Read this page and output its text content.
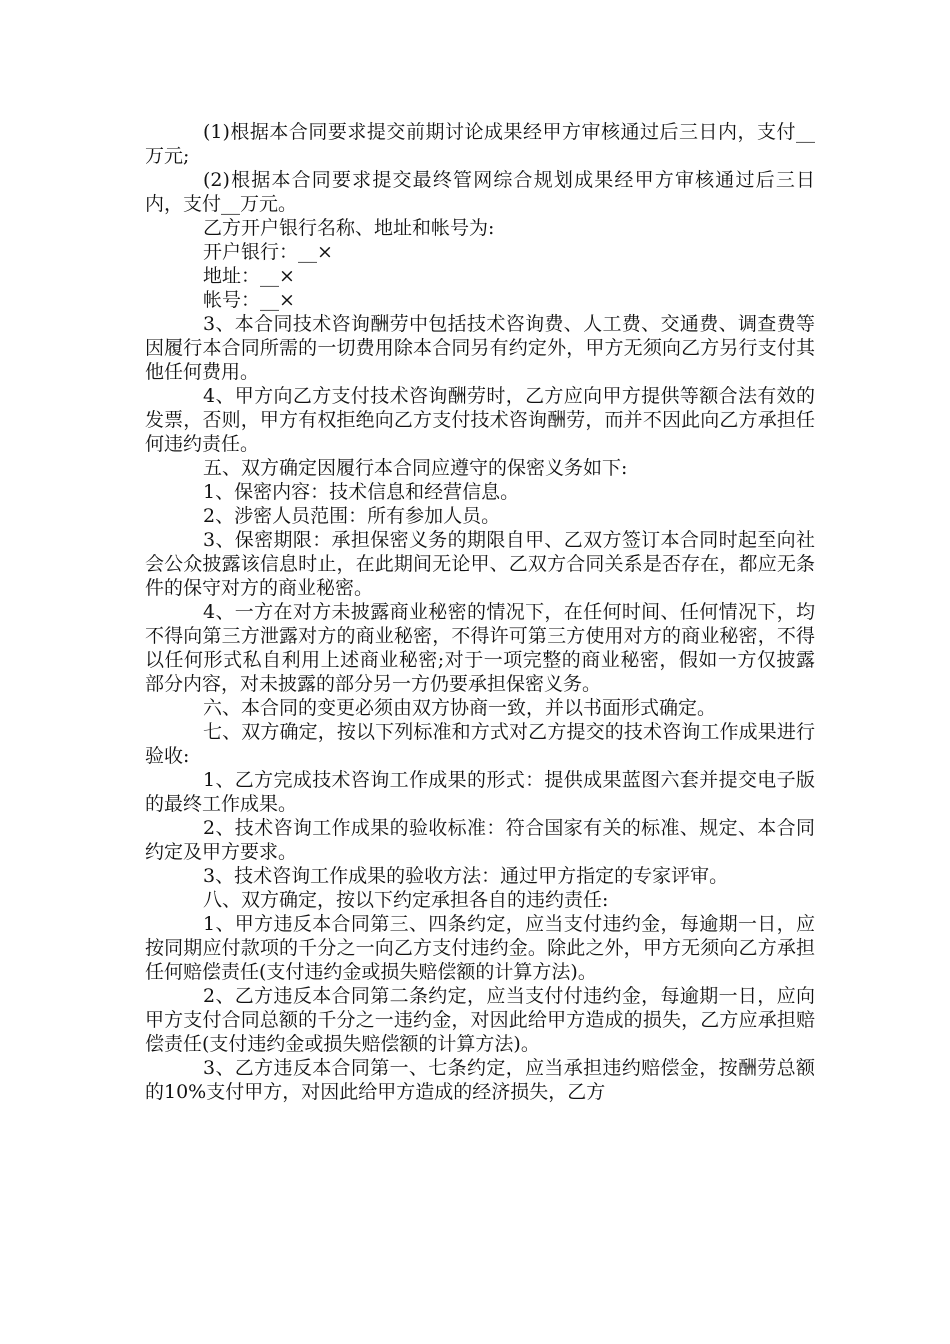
(1)根据本合同要求提交前期讨论成果经甲方审核通过后三日内，支付__万元;

(2)根据本合同要求提交最终管网综合规划成果经甲方审核通过后三日内，支付__万元。

乙方开户银行名称、地址和帐号为:

开户银行：__×

地址：__×

帐号：__×

3、本合同技术咨询酬劳中包括技术咨询费、人工费、交通费、调查费等因履行本合同所需的一切费用除本合同另有约定外，甲方无须向乙方另行支付其他任何费用。

4、甲方向乙方支付技术咨询酬劳时，乙方应向甲方提供等额合法有效的发票，否则，甲方有权拒绝向乙方支付技术咨询酬劳，而并不因此向乙方承担任何违约责任。

五、双方确定因履行本合同应遵守的保密义务如下:

1、保密内容：技术信息和经营信息。

2、涉密人员范围：所有参加人员。

3、保密期限：承担保密义务的期限自甲、乙双方签订本合同时起至向社会公众披露该信息时止，在此期间无论甲、乙双方合同关系是否存在，都应无条件的保守对方的商业秘密。

4、一方在对方未披露商业秘密的情况下，在任何时间、任何情况下，均不得向第三方泄露对方的商业秘密，不得许可第三方使用对方的商业秘密，不得以任何形式私自利用上述商业秘密;对于一项完整的商业秘密，假如一方仅披露部分内容，对未披露的部分另一方仍要承担保密义务。

六、本合同的变更必须由双方协商一致，并以书面形式确定。

七、双方确定，按以下列标准和方式对乙方提交的技术咨询工作成果进行验收:

1、乙方完成技术咨询工作成果的形式：提供成果蓝图六套并提交电子版的最终工作成果。

2、技术咨询工作成果的验收标准：符合国家有关的标准、规定、本合同约定及甲方要求。

3、技术咨询工作成果的验收方法：通过甲方指定的专家评审。

八、双方确定，按以下约定承担各自的违约责任:

1、甲方违反本合同第三、四条约定，应当支付违约金，每逾期一日，应按同期应付款项的千分之一向乙方支付违约金。除此之外，甲方无须向乙方承担任何赔偿责任(支付违约金或损失赔偿额的计算方法)。

2、乙方违反本合同第二条约定，应当支付付违约金，每逾期一日，应向甲方支付合同总额的千分之一违约金，对因此给甲方造成的损失，乙方应承担赔偿责任(支付违约金或损失赔偿额的计算方法)。

3、乙方违反本合同第一、七条约定，应当承担违约赔偿金，按酬劳总额的10%支付甲方，对因此给甲方造成的经济损失，乙方
